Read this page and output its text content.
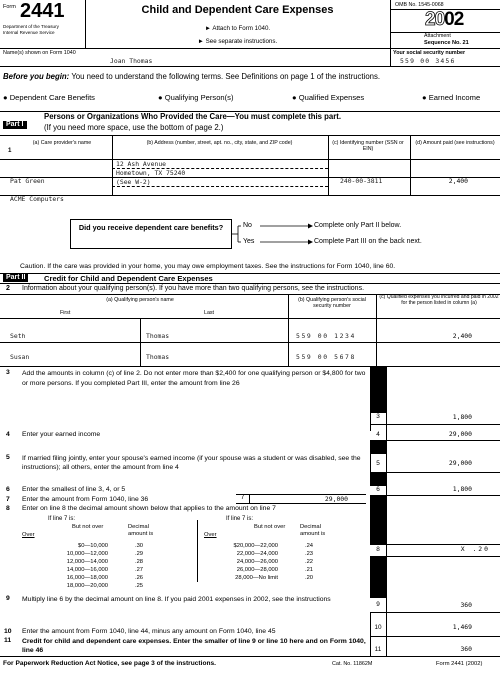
Form 2441
Department of the Treasury
Internal Revenue Service
Child and Dependent Care Expenses
► Attach to Form 1040.
► See separate instructions.
OMB No. 1545-0068
2002
Attachment
Sequence No. 21
Name(s) shown on Form 1040
Joan Thomas
Your social security number
559 00 3456
Before you begin: You need to understand the following terms. See Definitions on page 1 of the instructions.
● Dependent Care Benefits	● Qualifying Person(s)	● Qualified Expenses	● Earned Income
Part I
Persons or Organizations Who Provided the Care—You must complete this part.
(If you need more space, use the bottom of page 2.)
1
(a) Care provider's name	(b) Address (number, street, apt. no., city, state, and ZIP code)	(c) Identifying number (SSN or EIN)
(d) Amount paid (see instructions)
Pat Green
12 Ash Avenue
Hometown, TX 75240
240-00-3811	2,400
ACME Computers
(See W-2)
Did you receive dependent care benefits?	No
Yes
Complete only Part II below.
Complete Part III on the back next.
Caution. If the care was provided in your home, you may owe employment taxes. See the instructions for Form 1040, line 60.
Part II	Credit for Child and Dependent Care Expenses
2 Information about your qualifying person(s). If you have more than two qualifying persons, see the instructions.
(a) Qualifying person's name
First	Last
(b) Qualifying person's social security number
(c) Qualified expenses you incurred and paid in 2002 for the person listed in column (a)
Seth	Thomas	559 00 1234	2,400
Susan	Thomas	559 00 5678
3 Add the amounts in column (c) of line 2. Do not enter more than $2,400 for one qualifying person or $4,800 for two or more persons. If you completed Part III, enter the amount from line 26
3	1,800
4 Enter your earned income	4	29,000
5 If married filing jointly, enter your spouse's earned income (if your spouse was a student or was disabled, see the instructions); all others, enter the amount from line 4
5	29,000
6 Enter the smallest of line 3, 4, or 5	6	1,800
7 Enter the amount from Form 1040, line 36	7	29,000
8 Enter on line 8 the decimal amount shown below that applies to the amount on line 7
If line 7 is:
But not over
Over
Decimal amount is
$0—10,000	.30
10,000—12,000	.29
12,000—14,000	.28
14,000—16,000	.27
16,000—18,000	.26
18,000—20,000	.25
If line 7 is:
But not over
Over
Decimal amount is
$20,000—22,000	.24
22,000—24,000	.23
24,000—26,000	.22
26,000—28,000	.21
28,000—No limit	.20
8	X .20
9 Multiply line 6 by the decimal amount on line 8. If you paid 2001 expenses in 2002, see the instructions
9	360
10 Enter the amount from Form 1040, line 44, minus any amount on Form 1040, line 45
10	1,469
11 Credit for child and dependent care expenses. Enter the smaller of line 9 or line 10 here and on Form 1040, line 46	11	360
For Paperwork Reduction Act Notice, see page 3 of the instructions.	Cat. No. 11862M	Form 2441 (2002)
